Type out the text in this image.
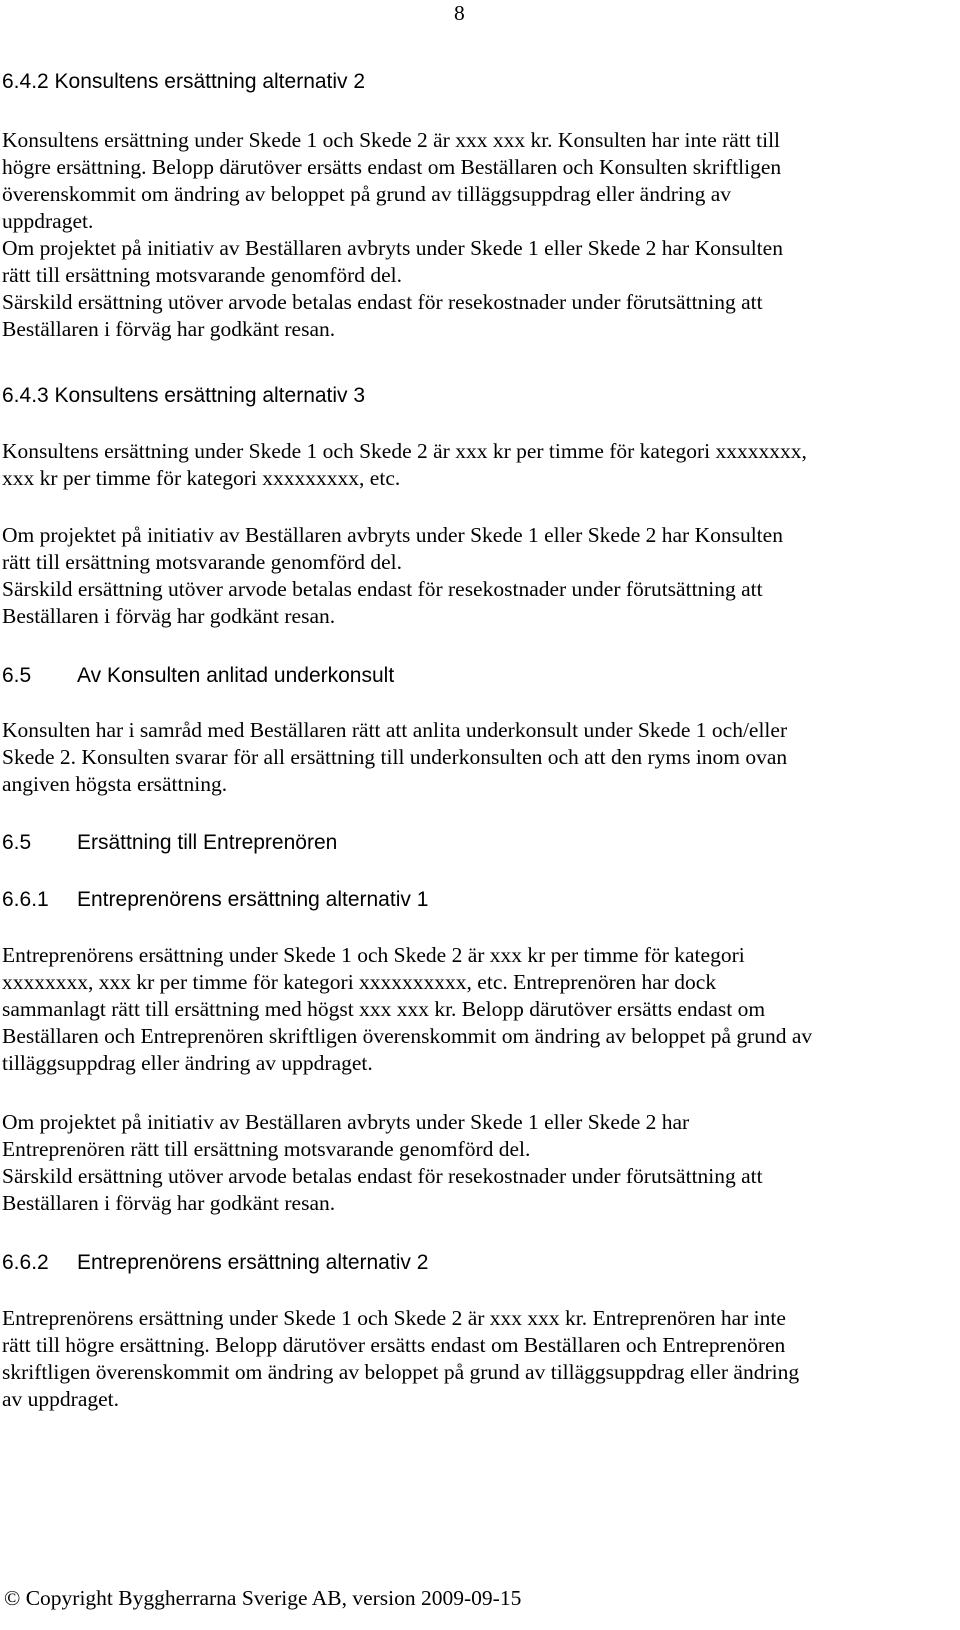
8
6.4.2 Konsultens ersättning alternativ 2
Konsultens ersättning under Skede 1 och Skede 2 är xxx xxx kr. Konsulten har inte rätt till
högre ersättning. Belopp därutöver ersätts endast om Beställaren och Konsulten skriftligen
överenskommit om ändring av beloppet på grund av tilläggsuppdrag eller ändring av
uppdraget.
Om projektet på initiativ av Beställaren avbryts under Skede 1 eller Skede 2 har Konsulten
rätt till ersättning motsvarande genomförd del.
Särskild ersättning utöver arvode betalas endast för resekostnader under förutsättning att
Beställaren i förväg har godkänt resan.
6.4.3 Konsultens ersättning alternativ 3
Konsultens ersättning under Skede 1 och Skede 2 är xxx kr per timme för kategori xxxxxxxx,
xxx kr per timme för kategori xxxxxxxxx, etc.
Om projektet på initiativ av Beställaren avbryts under Skede 1 eller Skede 2 har Konsulten
rätt till ersättning motsvarande genomförd del.
Särskild ersättning utöver arvode betalas endast för resekostnader under förutsättning att
Beställaren i förväg har godkänt resan.
6.5 Av Konsulten anlitad underkonsult
Konsulten har i samråd med Beställaren rätt att anlita underkonsult under Skede 1 och/eller
Skede 2. Konsulten svarar för all ersättning till underkonsulten och att den ryms inom ovan
angiven högsta ersättning.
6.5 Ersättning till Entreprenören
6.6.1 Entreprenörens ersättning alternativ 1
Entreprenörens ersättning under Skede 1 och Skede 2 är xxx kr per timme för kategori
xxxxxxxx, xxx kr per timme för kategori xxxxxxxxxx, etc. Entreprenören har dock
sammanlagt rätt till ersättning med högst xxx xxx kr. Belopp därutöver ersätts endast om
Beställaren och Entreprenören skriftligen överenskommit om ändring av beloppet på grund av
tilläggsuppdrag eller ändring av uppdraget.
Om projektet på initiativ av Beställaren avbryts under Skede 1 eller Skede 2 har
Entreprenören rätt till ersättning motsvarande genomförd del.
Särskild ersättning utöver arvode betalas endast för resekostnader under förutsättning att
Beställaren i förväg har godkänt resan.
6.6.2 Entreprenörens ersättning alternativ 2
Entreprenörens ersättning under Skede 1 och Skede 2 är xxx xxx kr. Entreprenören har inte
rätt till högre ersättning. Belopp därutöver ersätts endast om Beställaren och Entreprenören
skriftligen överenskommit om ändring av beloppet på grund av tilläggsuppdrag eller ändring
av uppdraget.
© Copyright Byggherrarna Sverige AB, version 2009-09-15
